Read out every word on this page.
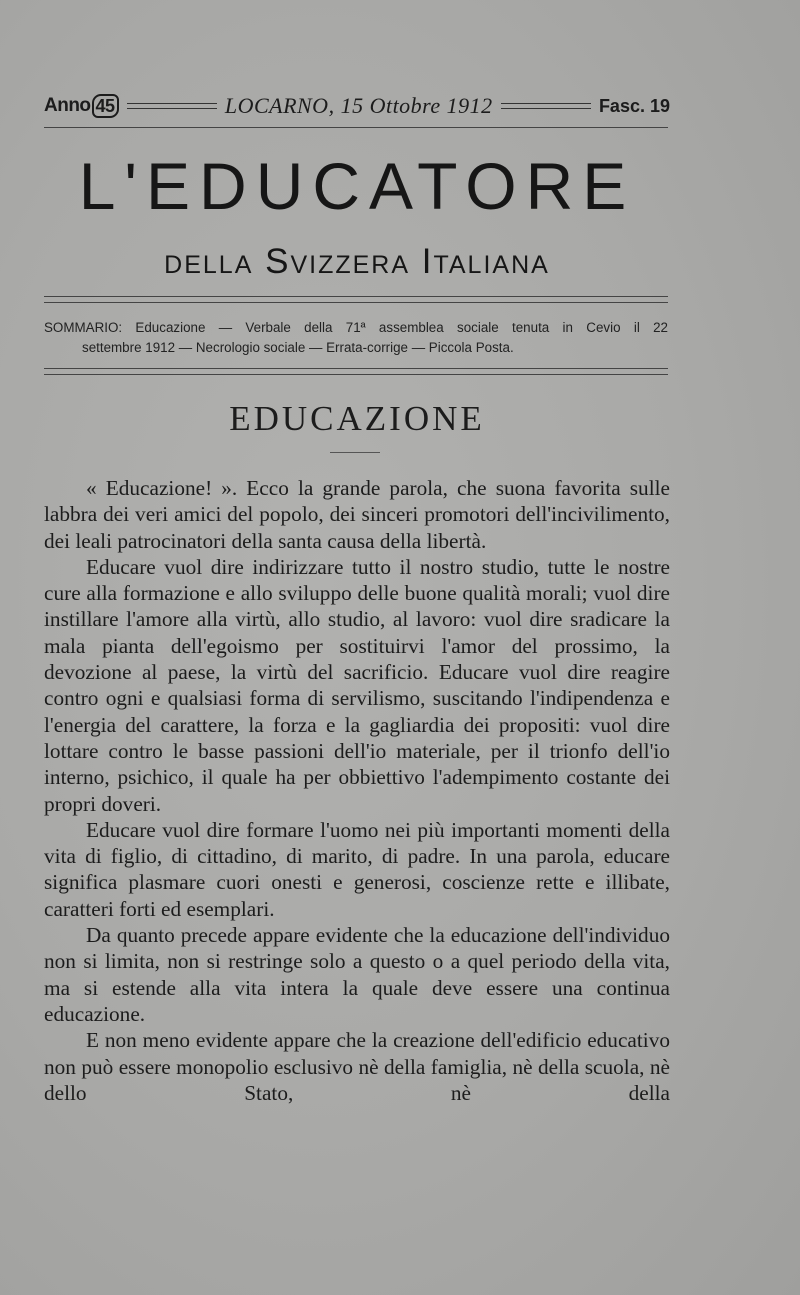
Anno 45	LOCARNO, 15 Ottobre 1912	Fasc. 19
L'EDUCATORE
della Svizzera Italiana
SOMMARIO: Educazione — Verbale della 71ª assemblea sociale tenuta in Cevio il 22
settembre 1912 — Necrologio sociale — Errata-corrige — Piccola Posta.
EDUCAZIONE

« Educazione! ». Ecco la grande parola, che suona favorita sulle labbra dei veri amici del popolo, dei sinceri promotori dell'incivilimento, dei leali patrocinatori della santa causa della libertà.

Educare vuol dire indirizzare tutto il nostro studio, tutte le nostre cure alla formazione e allo sviluppo delle buone qualità morali; vuol dire instillare l'amore alla virtù, allo studio, al lavoro: vuol dire sradicare la mala pianta dell'egoismo per sostituirvi l'amor del prossimo, la devozione al paese, la virtù del sacrificio. Educare vuol dire reagire contro ogni e qualsiasi forma di servilismo, suscitando l'indipendenza e l'energia del carattere, la forza e la gagliardia dei propositi: vuol dire lottare contro le basse passioni dell'io materiale, per il trionfo dell'io interno, psichico, il quale ha per obbiettivo l'adempimento costante dei propri doveri.

Educare vuol dire formare l'uomo nei più importanti momenti della vita di figlio, di cittadino, di marito, di padre. In una parola, educare significa plasmare cuori onesti e generosi, coscienze rette e illibate, caratteri forti ed esemplari.

Da quanto precede appare evidente che la educazione dell'individuo non si limita, non si restringe solo a questo o a quel periodo della vita, ma si estende alla vita intera la quale deve essere una continua educazione.

E non meno evidente appare che la creazione dell'edificio educativo non può essere monopolio esclusivo nè della famiglia, nè della scuola, nè dello Stato, nè della
